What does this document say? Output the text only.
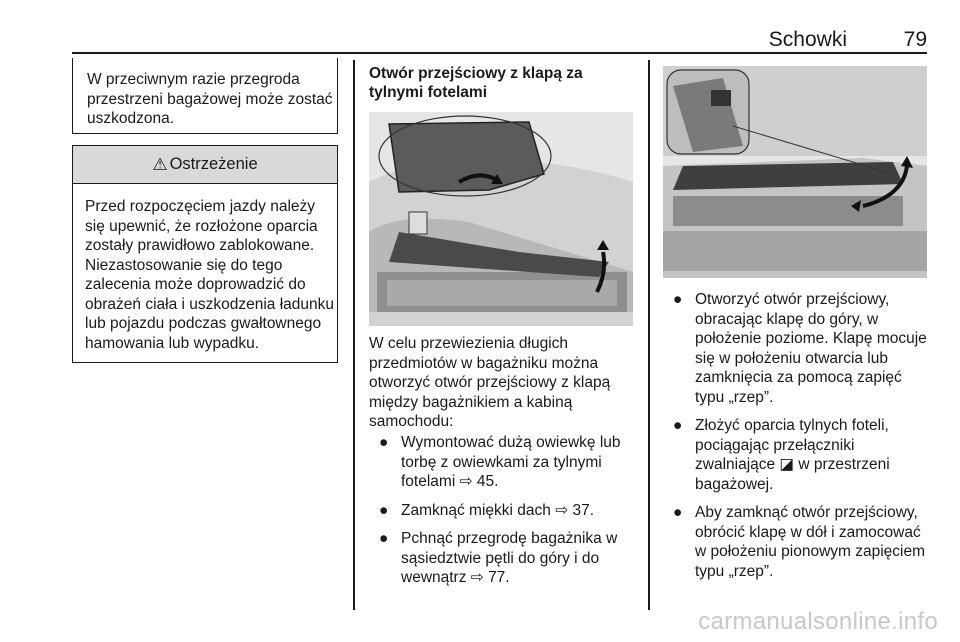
Schowki	79

W przeciwnym razie przegroda przestrzeni bagażowej może zostać uszkodzona.

⚠ Ostrzeżenie

Przed rozpoczęciem jazdy należy się upewnić, że rozłożone oparcia zostały prawidłowo zablokowane. Niezastosowanie się do tego zalecenia może doprowadzić do obrażeń ciała i uszkodzenia ładunku lub pojazdu podczas gwałtownego hamowania lub wypadku.

Otwór przejściowy z klapą za tylnymi fotelami

W celu przewiezienia długich przedmiotów w bagażniku można otworzyć otwór przejściowy z klapą między bagażnikiem a kabiną samochodu:

● Wymontować dużą owiewkę lub torbę z owiewkami za tylnymi fotelami ⇨ 45.
● Zamknąć miękki dach ⇨ 37.
● Pchnąć przegrodę bagażnika w sąsiedztwie pętli do góry i do wewnątrz ⇨ 77.
● Otworzyć otwór przejściowy, obracając klapę do góry, w położenie poziome. Klapę mocuje się w położeniu otwarcia lub zamknięcia za pomocą zapięć typu „rzep”.
● Złożyć oparcia tylnych foteli, pociągając przełączniki zwalniające ◪ w przestrzeni bagażowej.
● Aby zamknąć otwór przejściowy, obrócić klapę w dół i zamocować w położeniu pionowym zapięciem typu „rzep”.
carmanualsonline.info
